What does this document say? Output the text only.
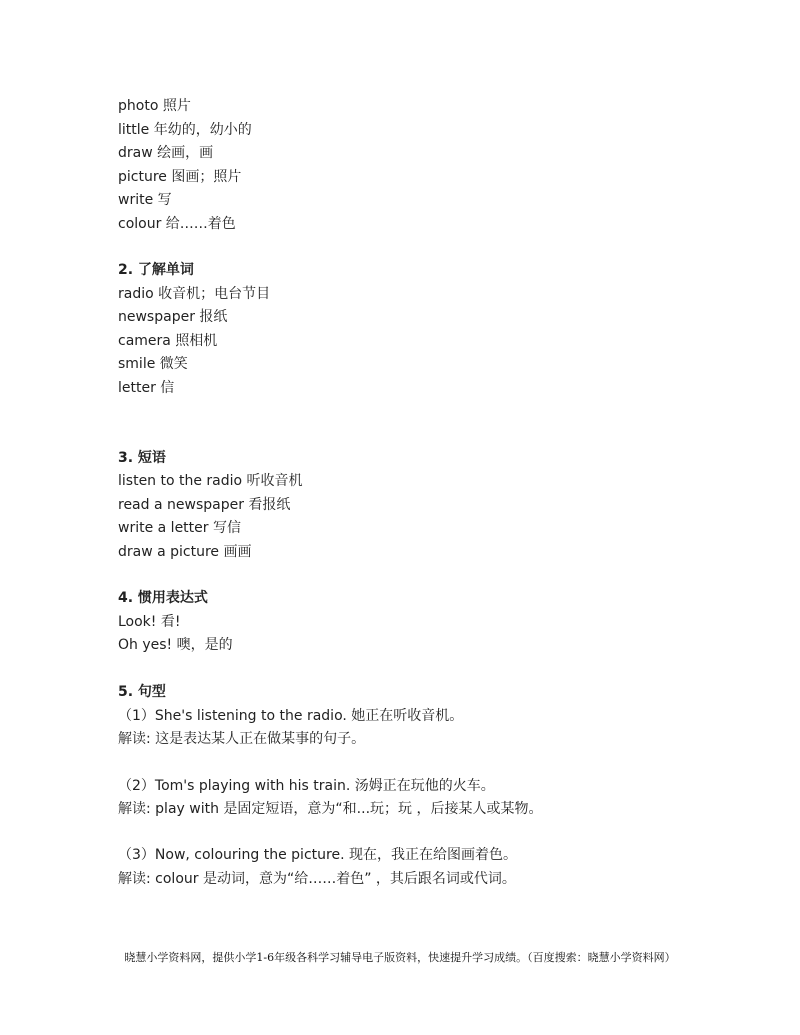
photo 照片
little 年幼的，幼小的
draw 绘画，画
picture 图画；照片
write 写
colour 给……着色
2. 了解单词
radio 收音机；电台节目
newspaper 报纸
camera 照相机
smile 微笑
letter 信
3. 短语
listen to the radio 听收音机
read a newspaper 看报纸
write a letter 写信
draw a picture 画画
4. 惯用表达式
Look! 看!
Oh yes! 噢，是的
5. 句型
（1）She's listening to the radio. 她正在听收音机。
解读: 这是表达某人正在做某事的句子。
（2）Tom's playing with his train. 汤姆正在玩他的火车。
解读: play with 是固定短语，意为“和...玩；玩 ，后接某人或某物。
（3）Now, colouring the picture. 现在，我正在给图画着色。
解读: colour 是动词，意为“给……着色” ，其后跟名词或代词。
晓慧小学资料网，提供小学1-6年级各科学习辅导电子版资料，快速提升学习成绩。（百度搜索：晓慧小学资料网）
